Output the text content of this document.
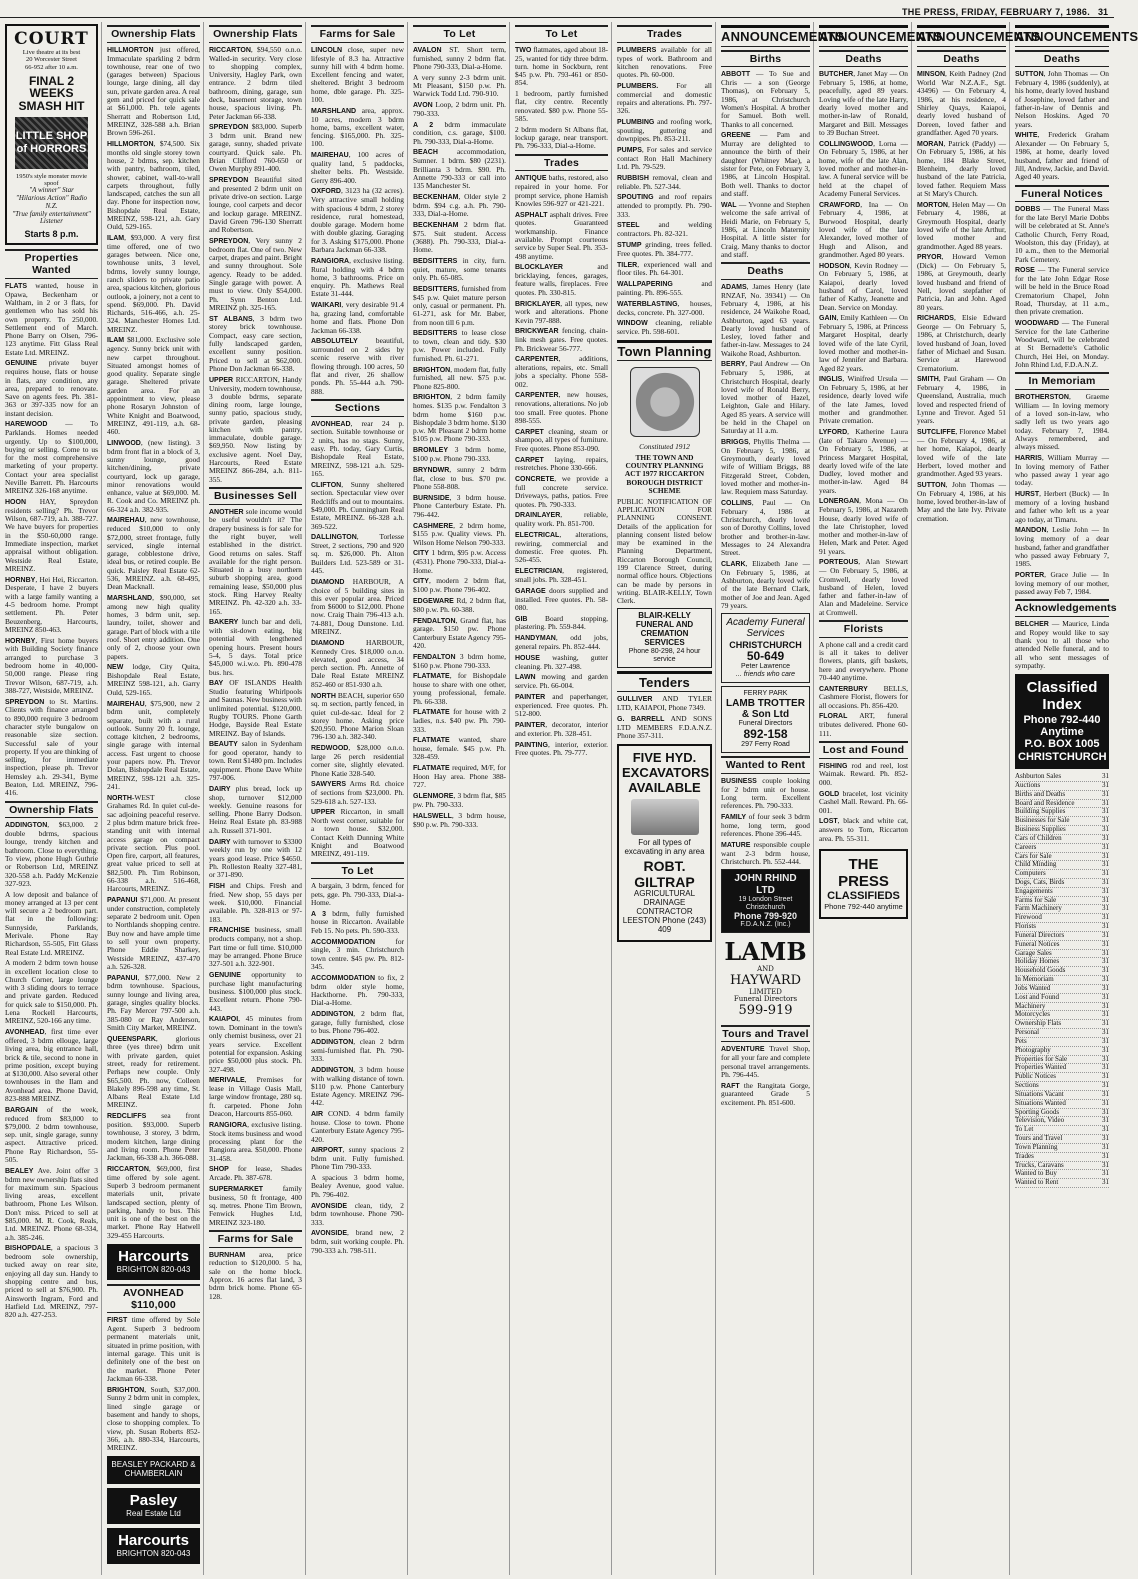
THE PRESS, FRIDAY, FEBRUARY 7, 1986. 31
COURT
Live theatre at its best
20 Worcester Street
66-952 after 10 a.m.
FINAL 2 WEEKS SMASH HIT
LITTLE SHOP of HORRORS
1950's style monster movie spoof
"A winner" Star
"Hilarious Action" Radio N.Z.
"True family entertainment" Listener
Starts 8 p.m.
Properties Wanted
FLATS wanted, house in Opawa, Beckenham or Waltham, in 2 or 3 flats, for gentlemen who has sold his own property. To 250,000. Settlement end of March. Phone Barry on Olsen, 796-123 anytime. Fitt Glass Real Estate Ltd. MREINZ.
GENUINE private buyer requires house, flats or house in flats, any condition, any area, prepared to renovate. Save on agents fees. Ph. 381-363 or 397-335 now for an instant decision.
HAREWOOD — To Parklands. Homes needed urgently. Up to $100,000, buying or selling. Come to us for the most comprehensive marketing of your property. Contact your area specialist Neville Barrett. Ph. Harcourts MREINZ 326-168 anytime.
HOON HAY, Spreydon residents selling? Ph. Trevor Wilson, 687-719, a.h. 388-727. We have buyers for properties in the $50-60,000 range. Immediate inspection, market appraisal without obligation. Westside Real Estate, MREINZ.
HORNBY, Hei Hei, Riccarton. Desperate, I have 2 buyers with a large family wanting a 4-5 bedroom home. Prompt settlement. Ph. Peter Beuzenberg, Harcourts, MREINZ 850-463.
HORNBY, First home buyers with Building Society finance arranged to purchase 3 bedroom home in 40,000-50,000 range. Please ring Trevor Wilson, 687-719, a.h. 388-727, Westside, MREINZ.
SPREYDON to St. Martins. Clients with finance arranged to 890,000 require 3 bedroom character style bungalow on reasonable size section. Successful sale of your property. If you are thinking of selling, for immediate inspection, please ph. Trevor Hemsley a.h. 29-341, Byme Beaton, Ltd. MREINZ, 796-416.
Ownership Flats
ADDINGTON, $63,000. 2 double bdrms, spacious lounge, trendy kitchen and bathroom. Close to everything. To view, phone Hugh Guthrie or Robertson Ltd, MREINZ 320-558 a.h. Paddy McKenzie 327-923.
A low deposit and balance of money arranged at 13 per cent will secure a 2 bedroom part. flat in the following: Sunnyside, Parklands, Merivale. Phone Ray Richardson, 55-505, Fitt Glass Real Estate Ltd. MREINZ.
A modern 2 bdrm town house in excellent location close to Church Corner, large lounge with 3 sliding doors to terrace and private garden. Reduced for quick sale to $150,000. Ph. Lena Rockell Harcourts, MREINZ, 520-166 any time.
AVONHEAD, first time ever offered, 3 bdrm ellouge, large living area, big entrance hall, brick & tile, second to none in prime position, except buying at $130,000. Also several other townhouses in the Ilam and Avonhead area. Phone David, 823-888 MREINZ.
BARGAIN of the week, reduced from $83,000 to $79,000. 2 bdrm townhouse, sep. unit, single garage, sunny aspect. Attractive priced. Phone Ray Richardson, 55-505.
BEALEY Ave. Joint offer 3 bdrm new ownership flats sited for maximum sun. Spacious living areas, excellent bathroom, Phone Les Wilson. Don't miss. Priced to sell at $85,000. M. R. Cook, Reals, Ltd. MREINZ. Phone 68-334, a.h. 385-246.
BISHOPDALE, a spacious 3 bedroom sole ownership, tucked away on rear site, enjoying all day sun. Handy to shopping centre and bus, priced to sell at $76,900. Ph. Ainsworth Ingram, Ford and Hatfield Ltd. MREINZ, 797-820 a.h. 427-253.
Ownership Flats
HILLMORTON just offered, Immaculate sparkling 2 bdrm townhouse, rear one of two (garages between) Spacious lounge, large dining, all day sun, private garden area. A real gem and priced for quick sale at $61,000. Ph. tele agents Sherratt and Robertson Ltd, MREINZ, 328-588 a.h. Brian Brown 596-261.
HILLMORTON, $74,500. Six months old single storey town house, 2 bdrms, sep. kitchen with pantry, bathroom, tiled, shower, cabinet, wall-to-wall carpets throughout, fully landscaped, catches the sun all day. Phone for inspection now, Bishopdale Real Estate, MREINZ, 598-121, a.h. Gary Ould, 529-165.
ILAM, $93,000. A very first time offered, one of two garages between. Nice one, townhouse units, 3 level, bdrms, lovely sunny lounge, ranch sliders to private patio area, spacious kitchen, glorious outlook, a joinery, not a cent to spend. $69,000. Ph. David Richards, 516-466, a.h. 25-324. Manchester Homes Ltd. MREINZ.
ILAM $81,000. Exclusive sole agency. Sunny brick unit with new carpet throughout. Situated amongst homes of good quality. Separate single garage. Sheltered private garden area. For an appointment to view, please phone Rosaryn Johnston of White Knight and Boatwood, MREINZ, 491-119, a.h. 68-460.
LINWOOD, (new listing). 3 bdrm front flat in a block of 3, sunny lounge, good kitchen/dining, private courtyard, lock up garage, minor renovations would enhance, value at $69,000. M. R. Cook and Co. MREINZ ph. 66-324 a.h. 382-935.
MAIREHAU, new townhouse, reduced $10,000 to only $72,000, street frontage, fully serviced, single internal garage, cobblestone drive, ideal bus, or retired couple. Be quick. Paisley Real Estate 62-536, MREINZ. a.h. 68-495, Dean Macknall.
MARSHLAND, $90,000, set among new high quality homes, 3 bdrm unit, sep. laundry, toilet, shower and garage. Part of block with a tile roof. Short entry addition. One only of 2, choose your own papers.
NEW lodge, City Quita, Bishopdale Real Estate, MREINZ 598-121, a.h. Garry Ould, 529-165.
MAIREHAU, $75,900, new 2 bdrm unit, completely separate, built with a rural outlook. Sunny 20 ft. lounge, cottage kitchen, 2 bedrooms, single garage with internal access. Fast urgent to choose your papers now. Ph. Trevor Dolan, Bishopdale Real Estate, MREINZ, 598-121 a.h. 325-241.
NORTH-WEST close Grahames Rd. In quiet cul-de-sac adjoining peaceful reserve. 2 plus bdrm mature brick free-standing unit with internal access garage on compact private section. Plus pool. Open fire, carport, all features, great value priced to sell at $82,500. Ph. Tim Robinson, 66-338 a.h. 516-468, Harcourts, MREINZ.
PAPANUI $71,000. At present under construction, completely separate 2 bedroom unit. Open to Northlands shopping centre. Buy now and have ample time to sell your own property. Phone Eddie Sharkey, Westside MREINZ, 437-470 a.h. 526-328.
PAPANUI, $77,000. New 2 bdrm townhouse. Spacious, sunny lounge and living area, garage, singles quality blocks. Ph. Fay Mercer 797-500 a.h. 385-080 or Ray Anderson, Smith City Market, MREINZ.
QUEENSPARK, glorious three (yes three) bdrm unit with private garden, quiet street, ready for retirement. Perhaps new couple. Only $65,500. Ph. now, Colleen Blakely 896-598 any time, St. Albans Real Estate Ltd MREINZ.
REDCLIFFS sea front position. $93,000. Superb townhouse, 3 storey, 3 bdrm, modern kitchen, large dining and living room. Phone Peter Jackman, 66-338 a.h. 366-088.
RICCARTON, $69,000, first time offered by sole agent. Superb 3 bedroom permanent materials unit, private landscaped section, plenty of parking, handy to bus. This unit is one of the best on the market. Phone Ray Hatwell 329-455 Harcourts.
Harcourts
BRIGHTON 820-043
AVONHEAD $110,000
FIRST time offered by Sole Agent. Superb 3 bedroom permanent materials unit, situated in prime position, with internal garage. This unit is definitely one of the best on the market. Phone Peter Jackman 66-338.
BRIGHTON, South, $37,000. Sunny 2 bdrm unit in complex, lined single garage or basement and handy to shops, close to shopping complex. To view, ph. Susan Roberts 852-366, a.h. 880-334, Harcourts, MREINZ.
BEASLEY PACKARD & CHAMBERLAIN
Pasley
Real Estate Ltd
Harcourts
BRIGHTON 820-043
Ownership Flats
RICCARTON, $94,550 o.n.o. Walled-in security. Very close to shopping complex, University, Hagley Park, own entrance. 2 bdrm tiled bathroom, dining, garage, sun deck, basement storage, town house, spacious living. Ph. Peter Jackman 66-338.
SPREYDON $83,000. Superb 3 bdrm unit. Brand new garage, sunny, shaded private courtyard. Quick sale. Ph. Brian Clifford 760-650 or Owen Murphy 891-400.
SPREYDON Beautiful sited and presented 2 bdrm unit on private drive-on section. Large lounge, cool carpets and decor and lockup garage. MREINZ. David Green 796-130 Sherratt and Robertson.
SPREYDON, Very sunny 2 bedroom flat. One of two. New carpet, drapes and paint. Bright and sunny throughout. Sole agency. Ready to be added. Single garage with power. A must to view. Only $54,000. Ph. Synn Benton Ltd. MREINZ ph. 325-165.
ST ALBANS, 3 bdrm two storey brick townhouse. Compact, easy care section, fully landscaped garden, excellent sunny position. Priced to sell at $62,000. Phone Don Jackman 66-338.
UPPER RICCARTON, Handy University, modern townhouse, 3 double bdrms, separate dining room, large lounge, sunny patio, spacious study, private garden, pleasing kitchen with pantry, immaculate, double garage. $69,950. Now listing by exclusive agent. Noel Day, Harcourts, Reed Estate MREINZ 866-284, a.h. 811-355.
Businesses Sell
ANOTHER sole income would be useful wouldn't it? The drapery business is for sale for the right buyer, well established in the district. Good returns on sales. Staff available for the right person. Situated in a busy northern suburb shopping area, good remaining lease, $50,000 plus stock. Ring Harvey Realty MREINZ. Ph. 42-320 a.h. 33-165.
BAKERY lunch bar and deli, with sit-down eating, big potential with lengthened opening hours. Present hours 5-4, 5 days. Total price $45,000 w.i.w.o. Ph. 890-478 bus. hrs.
BAY OF ISLANDS Health Studio featuring Whirlpools and Saunas. New business with unlimited potential. $120,000. Rugby TOURS. Phone Garth Hodge, Bayside Real Estate MREINZ. Bay of Islands.
BEAUTY salon in Sydenham for good operator, handy to town. Rent $1480 pm. Includes equipment. Phone Dave White 797-006.
DAIRY plus bread, lock up shop, turnover $12,000 weekly. Genuine reasons for selling. Phone Barry Dodson. Heinz Real Estate ph. 83-988 a.h. Russell 371-901.
DAIRY with turnover to $3300 weekly run by one with 12 years good lease. Price $4650. Ph. Rolleston Realty 327-481, or 371-890.
FISH and Chips. Fresh and fried. New shop, 55 days per week. $10,000. Financial available. Ph. 328-813 or 97-183.
FRANCHISE business, small products company, not a shop. Part time or full time. $10,000 may be arranged. Phone Bruce 327-501 a.h. 322-901.
GENUINE opportunity to purchase light manufacturing business. $100,000 plus stock. Excellent return. Phone 790-443.
KAIAPOI, 45 minutes from town. Dominant in the town's only chemist business, over 21 years service. Excellent potential for expansion. Asking price $50,000 plus stock. Ph. 327-498.
MERIVALE, Premises for lease in Village Oasis Mall, large window frontage, 280 sq. ft. carpeted. Phone John Deacon, Harcourts 855-060.
RANGIORA, exclusive listing. Stock items business and wood processing plant for the Rangiora area. $50,000. Phone 31-458.
SHOP for lease, Shades Arcade. Ph. 387-678.
SUPERMARKET family business, 50 ft frontage, 400 sq. metres. Phone Tim Brown, Fenwick Hughes Ltd, MREINZ 323-180.
Farms for Sale
BURNHAM area, price reduction to $120,000. 5 ha, sale on the home block. Approx. 16 acres flat land, 3 bdrm brick home. Phone 65-128.
Farms for Sale
LINCOLN close, super new lifestyle of 8.3 ha. Attractive sunny hill with 4 bdrm home. Excellent fencing and water, sheltered. Bright 3 bedroom home, dble garage. Ph. 325-100.
MARSHLAND area, approx. 10 acres, modern 3 bdrm home, barns, excellent water, fencing. $165,000. Ph. 325-100.
MAIREHAU, 100 acres of quality land, 5 paddocks, shelter belts. Ph. Westside. Gerry 896-400.
OXFORD, 3123 ha (32 acres). Very attractive small holding with spacious 4 bdrm, 2 storey residence, rural homestead, double garage. Modern home with double glazing. Garaging for 3. Asking $175,000. Phone Barbara Jackman 66-338.
RANGIORA, exclusive listing. Rural holding with 4 bdrm home, 3 bathrooms. Price on enquiry. Ph. Mathews Real Estate 31-444.
WAIKARI, very desirable 91.4 ha, grazing land, comfortable home and flats. Phone Don Jackman 66-338.
ABSOLUTELY beautiful, surrounded on 2 sides by scenic reserve with river flowing through. 100 acres, 50 flat and river, 26 shallow ponds. Ph. 55-444 a.h. 790-888.
Sections
AVONHEAD, rear 24 p. section. Suitable townhouse or 2 units, has no stags. Sunny, easy. Ph. today, Gary Curtis, Bishopdale Real Estate, MREINZ, 598-121 a.h. 529-165.
CLIFTON, Sunny sheltered section. Spectacular view over Redcliffs and out to mountains. $49,000. Ph. Cunningham Real Estate, MREINZ. 66-328 a.h. 369-522.
DALLINGTON, Torlesse Street, 2 sections, 790 and 920 sq. m. $26,000. Ph. Alton Builders Ltd. 523-589 or 31-445.
DIAMOND HARBOUR, A choice of 5 building sites in this ever popular area. Priced from $6000 to $12,000. Phone now. Craig Thain 796-413 a.h. 74-881, Doug Dunstone. Ltd. MREINZ.
DIAMOND HARBOUR, Kennedy Cres. $18,000 o.n.o. elevated, good access, 34 perch section. Ph. Annette of Dale Real Estate MREINZ 852-460 or 851-930 a.h.
NORTH BEACH, superior 650 sq. m section, partly fenced, in quiet cul-de-sac. Ideal for 2 storey home. Asking price $20,950. Phone Marion Sloan 796-130 a.h. 382-340.
REDWOOD, $28,000 o.n.o. large 26 perch residential corner site, slightly elevated. Phone Katie 328-540.
SAWYERS Arms Rd. choice of sections from $23,000. Ph. 529-618 a.h. 527-133.
UPPER Riccarton, in small North west corner, suitable for a town house. $32,000. Contact Keith Dunning White Knight and Boatwood MREINZ, 491-119.
To Let
A bargain, 3 bdrm, fenced for pets, gge. Ph. 790-333, Dial-a-Home.
A 3 bdrm, fully furnished house in Riccarton. Available Feb 15. No pets. Ph. 590-333.
ACCOMMODATION for single, 3 min. Christchurch town centre. $45 pw. Ph. 812-345.
ACCOMMODATION to fix, 2 bdrm older style home, Hackthorne. Ph. 790-333, Dial-a-Home.
ADDINGTON, 2 bdrm flat, garage, fully furnished, close to bus. Phone 796-402.
ADDINGTON, clean 2 bdrm semi-furnished flat. Ph. 790-333.
ADDINGTON, 3 bdrm house with walking distance of town. $110 p.w. Phone Canterbury Estate Agency. MREINZ 796-442.
AIR COND. 4 bdrm family house. Close to town. Phone Canterbury Estate Agency 795-420.
AIRPORT, sunny spacious 2 bdrm unit. Fully furnished. Phone Tim 790-333.
A spacious 3 bdrm home, Bealey Avenue, good value. Ph. 796-402.
AVONSIDE clean, tidy, 2 bdrm townhouse. Phone 790-333.
AVONSIDE, brand new, 2 bdrm, suit working couple. Ph. 790-333 a.h. 798-511.
To Let
AVALON ST. Short term, furnished, sunny 2 bdrm flat. Phone 790-333, Dial-a-Home.
A very sunny 2-3 bdrm unit. Mt Pleasant, $150 p.w. Ph. Warwick Todd Ltd. 790-910.
AVON Loop, 2 bdrm unit. Ph. 790-333.
A 2 bdrm immaculate condition, c.s. garage, $100. Ph. 790-333, Dial-a-Home.
BEACH accommodation, Sumner. 1 bdrm. $80 (2231). Brillianta 3 bdrm. $90. Ph. Annette 790-333 or call into 135 Manchester St.
BECKENHAM, Older style 2 bdrm. $94 c.g. a.h. Ph. 790-333, Dial-a-Home.
BECKENHAM 2 bdrm flat. $75. Suit student. Access (3688). Ph. 790-333, Dial-a-Home.
BEDSITTERS in city, furn. quiet, mature, some tenants only. Ph. 65-085.
BEDSITTERS, furnished from $45 p.w. Quiet mature person only, casual or permanent. Ph. 61-271, ask for Mr. Baber, from noon till 6 p.m.
BEDSITTERS to lease close to town, clean and tidy. $30 p.w. Power included. Fully furnished. Ph. 61-271.
BRIGHTON, modern flat, fully furnished, all new. $75 p.w. Phone 825-800.
BRIGHTON, 2 bdrm family homes. $135 p.w. Fendalton 3 bdrm home $160 p.w. Bishopdale 3 bdrm home. $130 p.w. Mt Pleasant 2 bdrm home $105 p.w. Phone 790-333.
BROMLEY 3 bdrm home, $100 p.w. Phone 790-333.
BRYNDWR, sunny 2 bdrm flat, close to bus. $70 pw. Phone 558-808.
BURNSIDE, 3 bdrm house. Phone Canterbury Estate. Ph. 796-442.
CASHMERE, 2 bdrm home, $155 p.w. Quality views. Ph. Wilson Home Nelson 790-333.
CITY 1 bdrm, $95 p.w. Access (4531). Phone 790-333, Dial-a-Home.
CITY, modern 2 bdrm flat, $100 p.w. Phone 796-402.
EDGEWARE Rd, 2 bdrm flat, $80 p.w. Ph. 60-388.
FENDALTON, Grand flat, has garage. $150 pw. Phone Canterbury Estate Agency 795-420.
FENDALTON 3 bdrm home, $160 p.w. Phone 790-333.
FLATMATE, for Bishopdale house to share with one other, young professional, female. Ph. 66-338.
FLATMATE for house with 2 ladies, n.s. $40 pw. Ph. 790-333.
FLATMATE wanted, share house, female. $45 p.w. Ph. 328-459.
FLATMATE required, M/F, for Hoon Hay area. Phone 388-727.
GLENMORE, 3 bdrm flat, $85 pw. Ph. 790-333.
HALSWELL, 3 bdrm house, $90 p.w. Ph. 790-333.
To Let
TWO flatmates, aged about 18-25, wanted for tidy three bdrm. turn. home in Sockburn, rent $45 p.w. Ph. 793-461 or 850-854.
1 bedroom, partly furnished flat, city centre. Recently renovated. $80 p.w. Phone 55-585.
2 bdrm modern St Albans flat, lockup garage, near transport. Ph. 796-333, Dial-a-Home.
Trades
ANTIQUE baths, restored, also repaired in your home. For prompt service, phone Hamish Knowles 596-927 or 421-221.
ASPHALT asphalt drives. Free quotes. Guaranteed workmanship. Finance available. Prompt courteous service by Super Seal. Ph. 353-498 anytime.
BLOCKLAYER and bricklaying, fences, garages, feature walls, fireplaces. Free quotes. Ph. 330-815.
BRICKLAYER, all types, new work and alterations. Phone Kevin 797-888.
BRICKWEAR fencing, chain-link mesh gates. Free quotes. Ph. Brickwear 56-777.
CARPENTER, additions, alterations, repairs, etc. Small jobs a specialty. Phone 558-002.
CARPENTER, new houses, renovations, alterations. No job too small. Free quotes. Phone 898-555.
CARPET cleaning, steam or shampoo, all types of furniture. Free quotes. Phone 853-090.
CARPET laying, repairs, restretches. Phone 330-666.
CONCRETE, we provide a full concrete service. Driveways, paths, patios. Free quotes. Ph. 790-333.
DRAINLAYER, reliable, quality work. Ph. 851-700.
ELECTRICAL, alterations, rewiring, commercial and domestic. Free quotes. Ph. 526-455.
ELECTRICIAN, registered, small jobs. Ph. 328-451.
GARAGE doors supplied and installed. Free quotes. Ph. 58-080.
GIB Board stopping, plastering. Ph. 559-844.
HANDYMAN, odd jobs, general repairs. Ph. 852-444.
HOUSE washing, gutter cleaning. Ph. 327-498.
LAWN mowing and garden service. Ph. 66-004.
PAINTER and paperhanger, experienced. Free quotes. Ph. 512-800.
PAINTER, decorator, interior and exterior. Ph. 328-451.
PAINTING, interior, exterior. Free quotes. Ph. 79-777.
Trades
PLUMBERS available for all types of work. Bathroom and kitchen renovations. Free quotes. Ph. 60-000.
PLUMBERS. For all commercial and domestic repairs and alterations. Ph. 797-326.
PLUMBING and roofing work, spouting, guttering and downpipes. Ph. 853-211.
PUMPS, For sales and service contact Ron Hall Machinery Ltd. Ph. 79-529.
RUBBISH removal, clean and reliable. Ph. 527-344.
SPOUTING and roof repairs attended to promptly. Ph. 790-333.
STEEL and welding contractors. Ph. 82-321.
STUMP grinding, trees felled. Free quotes. Ph. 384-777.
TILER, experienced wall and floor tiles. Ph. 64-301.
WALLPAPERING and painting. Ph. 896-555.
WATERBLASTING, houses, decks, concrete. Ph. 327-000.
WINDOW cleaning, reliable service. Ph. 598-601.
Town Planning
Constituted 1912
THE TOWN AND COUNTRY PLANNING ACT 1977 RICCARTON BOROUGH DISTRICT SCHEME
PUBLIC NOTIFICATION OF APPLICATION FOR PLANNING CONSENT. Details of the application for planning consent listed below may be examined in the Planning Department, Riccarton Borough Council, 199 Clarence Street, during normal office hours. Objections can be made by persons in writing. BLAIR-KELLY, Town Clerk.
BLAIR-KELLY FUNERAL AND CREMATION SERVICES
Phone 80-298, 24 hour service
Tenders
GULLIVER AND TYLER LTD, KAIAPOI, Phone 7349.
G. BARRELL AND SONS LTD MEMBERS F.D.A.N.Z. Phone 357-311.
FIVE HYD. EXCAVATORS AVAILABLE
For all types of excavating in any area
ROBT. GILTRAP
AGRICULTURAL DRAINAGE CONTRACTOR LEESTON Phone (243) 409
ANNOUNCEMENTS
Births
ABBOTT — To Sue and Chris — a son (George Thomas), on February 5, 1986, at Christchurch Women's Hospital. A brother for Samuel. Both well. Thanks to all concerned.
GREENE — Pam and Murray are delighted to announce the birth of their daughter (Whitney Mae), a sister for Pete, on February 3, 1986, at Lincoln Hospital. Both well. Thanks to doctor and staff.
WAL — Yvonne and Stephen welcome the safe arrival of Heidi Marie, on February 5, 1986, at Lincoln Maternity Hospital. A little sister for Craig. Many thanks to doctor and staff.
Deaths
ADAMS, James Henry (late RNZAF, No. 39341) — On February 4, 1986, at his residence, 24 Waikohe Road, Ashburton, aged 63 years. Dearly loved husband of Lesley, loved father and father-in-law. Messages to 24 Waikohe Road, Ashburton.
BERRY, Paul Andrew — On February 5, 1986, at Christchurch Hospital, dearly loved wife of Ronald Berry, loved mother of Hazel, Leighton, Gale and Hilary. Aged 85 years. A service will be held in the Chapel on Saturday at 11 a.m.
BRIGGS, Phyllis Thelma — On February 5, 1986, at Greymouth, dearly loved wife of William Briggs, 88 Fitzgerald Street, Cobden, loved mother and mother-in-law. Requiem mass Saturday.
COLLINS, Paul — On February 4, 1986 at Christchurch, dearly loved son of Dorothy Collins, loved brother and brother-in-law. Messages to 24 Alexandra Street.
CLARK, Elizabeth Jane — On February 5, 1986, at Ashburton, dearly loved wife of the late Bernard Clark, mother of Joe and Jean. Aged 79 years.
Academy Funeral Services
CHRISTCHURCH
50-649
Peter Lawrence
... friends who care
FERRY PARK
LAMB TROTTER & Son Ltd
Funeral Directors
892-158
297 Ferry Road
Wanted to Rent
BUSINESS couple looking for 2 bdrm unit or house. Long term. Excellent references. Ph. 790-333.
FAMILY of four seek 3 bdrm home, long term, good references. Phone 396-445.
MATURE responsible couple want 2-3 bdrm house, Christchurch. Ph. 552-444.
JOHN RHIND LTD
19 London Street
Christchurch
Phone 799-920
F.D.A.N.Z. (Inc.)
LAMB
AND
HAYWARD
LIMITED
Funeral Directors
599-919
Tours and Travel
ADVENTURE Travel Shop, for all your fare and complete personal travel arrangements. Ph. 796-445.
RAFT the Rangitata Gorge, guaranteed Grade 5 excitement. Ph. 851-600.
ANNOUNCEMENTS
Deaths
BUTCHER, Janet May — On February 5, 1986, at home, peacefully, aged 89 years. Loving wife of the late Harry, dearly loved mother and mother-in-law of Ronald, Margaret and Bill. Messages to 39 Buchan Street.
COLLINGWOOD, Lorna — On February 5, 1986, at her home, wife of the late Alan, loved mother and mother-in-law. A funeral service will be held at the chapel of Academy Funeral Services.
CRAWFORD, Ina — On February 4, 1986, at Burwood Hospital, dearly loved wife of the late Alexander, loved mother of Hugh and Alison, and grandmother. Aged 80 years.
HODSON, Kevin Rodney — On February 5, 1986, at Kaiapoi, dearly loved husband of Carol, loved father of Kathy, Jeanette and Dean. Service on Monday.
GAIN, Emily Kathleen — On February 5, 1986, at Princess Margaret Hospital, dearly loved wife of the late Cyril, loved mother and mother-in-law of Jennifer and Barbara. Aged 82 years.
INGLIS, Winifred Ursula — On February 5, 1986, at her residence, dearly loved wife of the late James, loved mother and grandmother. Private cremation.
LYFORD, Katherine Laura (late of Takaro Avenue) — On February 5, 1986, at Princess Margaret Hospital, dearly loved wife of the late Dudley, loved mother and mother-in-law. Aged 84 years.
LONERGAN, Mona — On February 5, 1986, at Nazareth House, dearly loved wife of the late Christopher, loved mother and mother-in-law of Helen, Mark and Peter. Aged 91 years.
PORTEOUS, Alan Stewart — On February 5, 1986, at Cromwell, dearly loved husband of Helen, loved father and father-in-law of Alan and Madeleine. Service at Cromwell.
Florists
A phone call and a credit card is all it takes to deliver flowers, plants, gift baskets, here and everywhere. Phone 70-440 anytime.
CANTERBURY BELLS, Cashmere Florist, flowers for all occasions. Ph. 856-420.
FLORAL ART, funeral tributes delivered. Phone 60-111.
Lost and Found
FISHING rod and reel, lost Waimak. Reward. Ph. 852-000.
GOLD bracelet, lost vicinity Cashel Mall. Reward. Ph. 66-001.
LOST, black and white cat, answers to Tom, Riccarton area. Ph. 55-311.
THE PRESS
CLASSIFIEDS
Phone 792-440 anytime
ANNOUNCEMENTS
Deaths
MINSON, Keith Padney (2nd World War N.Z.A.F., Sgt. 43496) — On February 4, 1986, at his residence, 4 Shirley Quays, Kaiapoi, dearly loved husband of Doreen, loved father and grandfather. Aged 70 years.
MORAN, Patrick (Paddy) — On February 5, 1986, at his home, 184 Blake Street, Blenheim, dearly loved husband of the late Patricia, loved father. Requiem Mass at St Mary's Church.
MORTON, Helen May — On February 4, 1986, at Greymouth Hospital, dearly loved wife of the late Arthur, loved mother and grandmother. Aged 88 years.
PRYOR, Howard Vernon (Dick) — On February 5, 1986, at Greymouth, dearly loved husband and friend of Nell, loved stepfather of Patricia, Jan and John. Aged 80 years.
RICHARDS, Elsie Edward George — On February 5, 1986, at Christchurch, dearly loved husband of Joan, loved father of Michael and Susan. Service at Harewood Crematorium.
SMITH, Paul Graham — On February 4, 1986, in Queensland, Australia, much loved and respected friend of Lynne and Trevor. Aged 51 years.
SUTCLIFFE, Florence Mabel — On February 4, 1986, at her home, Kaiapoi, dearly loved wife of the late Herbert, loved mother and grandmother. Aged 93 years.
SUTTON, John Thomas — On February 4, 1986, at his home, loved brother-in-law of May and the late Ivy. Private cremation.
ANNOUNCEMENTS
Deaths
SUTTON, John Thomas — On February 4, 1986 (suddenly), at his home, dearly loved husband of Josephine, loved father and father-in-law of Dennis and Nelson Hoskins. Aged 70 years.
WHITE, Frederick Graham Alexander — On February 5, 1986, at home, dearly loved husband, father and friend of Jill, Andrew, Jackie, and David. Aged 40 years.
Funeral Notices
DOBBS — The Funeral Mass for the late Beryl Marie Dobbs will be celebrated at St. Anne's Catholic Church, Ferry Road, Woolston, this day (Friday), at 10 a.m., then to the Memorial Park Cemetery.
ROSE — The Funeral service for the late John Edgar Rose will be held in the Bruce Road Crematorium Chapel, John Road, Thursday, at 11 a.m., then private cremation.
WOODWARD — The Funeral Service for the late Catherine Woodward, will be celebrated at St Bernadette's Catholic Church, Hei Hei, on Monday. John Rhind Ltd, F.D.A.N.Z.
In Memoriam
BROTHERSTON, Graeme William — In loving memory of a loved son-in-law, who sadly left us two years ago today. February 7, 1984. Always remembered, and always missed.
HARRIS, William Murray — In loving memory of Father who passed away 1 year ago today.
HURST, Herbert (Buck) — In memory of a loving husband and father who left us a year ago today, at Timaru.
MANDON, Leslie John — In loving memory of a dear husband, father and grandfather who passed away February 7, 1985.
PORTER, Grace Julie — In loving memory of our mother, passed away Feb 7, 1984.
Acknowledgements
BELCHER — Maurice, Linda and Ropey would like to say thank you to all those who attended Nelle funeral, and to all who sent messages of sympathy.
Classified Index
Phone 792-440
Anytime
P.O. BOX 1005
CHRISTCHURCH
Ashburton Sales	31
Auctions	31
Births and Deaths	31
Board and Residence	31
Building Supplies	31
Businesses for Sale	31
Business Supplies	31
Cars of Children	31
Careers	31
Cars for Sale	31
Child Minding	31
Computers	31
Dogs, Cats, Birds	31
Engagements	31
Farms for Sale	31
Farm Machinery	31
Firewood	31
Florists	31
Funeral Directors	31
Funeral Notices	31
Garage Sales	31
Holiday Homes	31
Household Goods	31
In Memoriam	31
Jobs Wanted	31
Lost and Found	31
Machinery	31
Motorcycles	31
Ownership Flats	31
Personal	31
Pets	31
Photography	31
Properties for Sale	31
Properties Wanted	31
Public Notices	31
Sections	31
Situations Vacant	31
Situations Wanted	31
Sporting Goods	31
Television, Video	31
To Let	31
Tours and Travel	31
Town Planning	31
Trades	31
Trucks, Caravans	31
Wanted to Buy	31
Wanted to Rent	31
